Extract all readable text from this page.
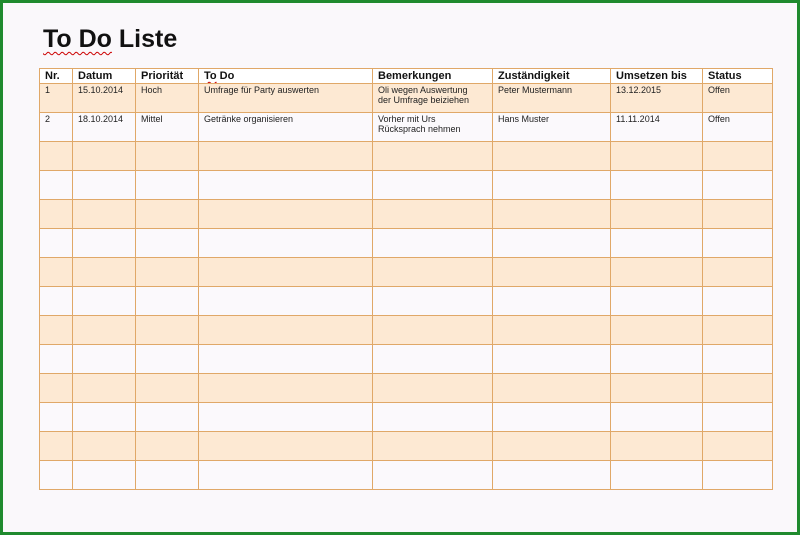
To Do Liste
Nr.	Datum	Priorität	To Do	Bemerkungen	Zuständigkeit	Umsetzen bis	Status
1	15.10.2014	Hoch	Umfrage für Party auswerten	Oli wegen Auswertung
der Umfrage beiziehen	Peter Mustermann	13.12.2015	Offen
2	18.10.2014	Mittel	Getränke organisieren	Vorher mit Urs
Rücksprach nehmen	Hans Muster	11.11.2014	Offen
